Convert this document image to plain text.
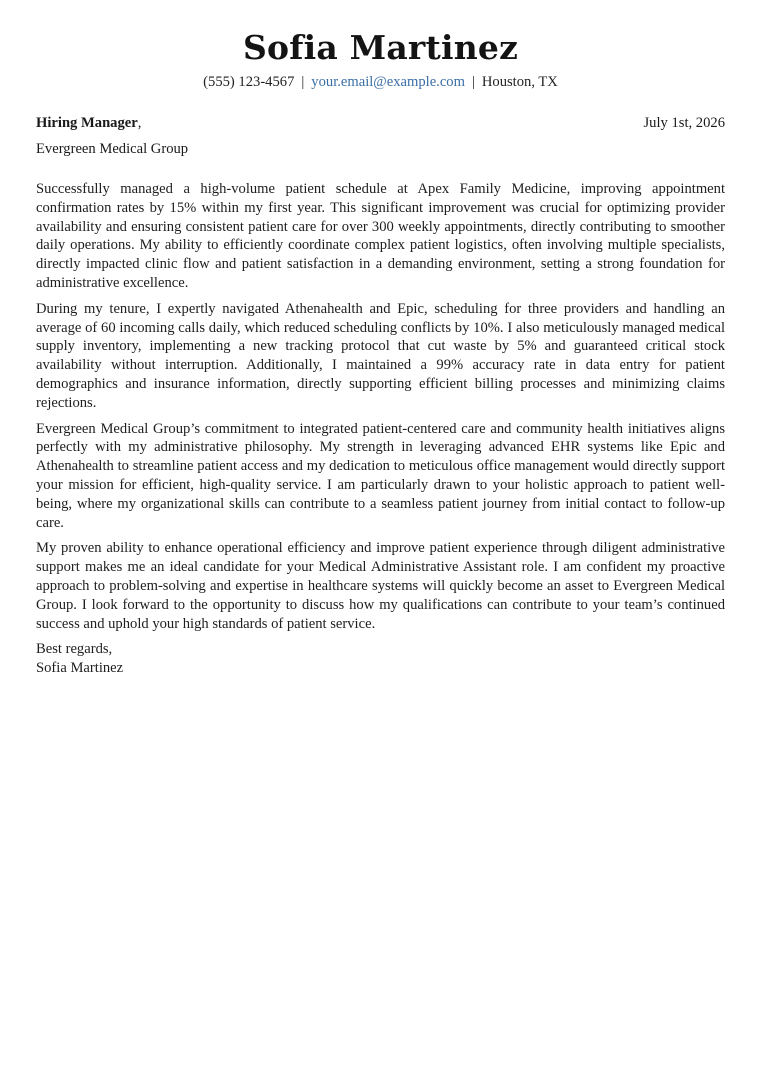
Sofia Martinez
(555) 123-4567 | your.email@example.com | Houston, TX
Hiring Manager,	July 1st, 2026
Evergreen Medical Group

Successfully managed a high-volume patient schedule at Apex Family Medicine, improving appointment confirmation rates by 15% within my first year. This significant improvement was crucial for optimizing provider availability and ensuring consistent patient care for over 300 weekly appointments, directly contributing to smoother daily operations. My ability to efficiently coordinate complex patient logistics, often involving multiple specialists, directly impacted clinic flow and patient satisfaction in a demanding environment, setting a strong foundation for administrative excellence.

During my tenure, I expertly navigated Athenahealth and Epic, scheduling for three providers and handling an average of 60 incoming calls daily, which reduced scheduling conflicts by 10%. I also meticulously managed medical supply inventory, implementing a new tracking protocol that cut waste by 5% and guaranteed critical stock availability without interruption. Additionally, I maintained a 99% accuracy rate in data entry for patient demographics and insurance information, directly supporting efficient billing processes and minimizing claims rejections.

Evergreen Medical Group’s commitment to integrated patient-centered care and community health initiatives aligns perfectly with my administrative philosophy. My strength in leveraging advanced EHR systems like Epic and Athenahealth to streamline patient access and my dedication to meticulous office management would directly support your mission for efficient, high-quality service. I am particularly drawn to your holistic approach to patient well-being, where my organizational skills can contribute to a seamless patient journey from initial contact to follow-up care.

My proven ability to enhance operational efficiency and improve patient experience through diligent administrative support makes me an ideal candidate for your Medical Administrative Assistant role. I am confident my proactive approach to problem-solving and expertise in healthcare systems will quickly become an asset to Evergreen Medical Group. I look forward to the opportunity to discuss how my qualifications can contribute to your team’s continued success and uphold your high standards of patient service.

Best regards,
Sofia Martinez
